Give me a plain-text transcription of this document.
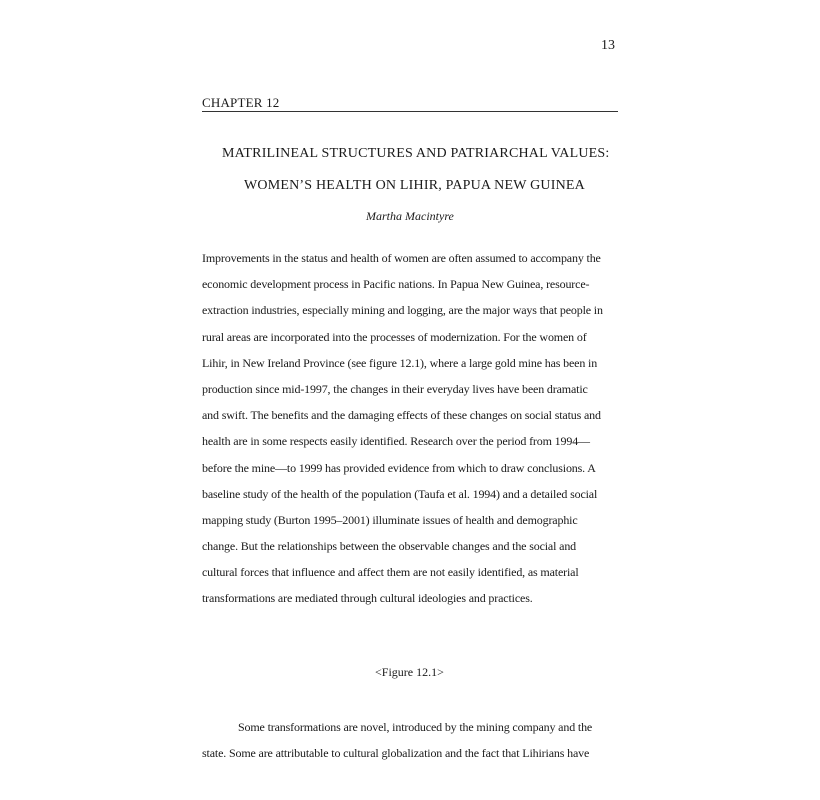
13
CHAPTER 12
MATRILINEAL STRUCTURES AND PATRIARCHAL VALUES:
WOMEN’S HEALTH ON LIHIR, PAPUA NEW GUINEA
Martha Macintyre
Improvements in the status and health of women are often assumed to accompany the
economic development process in Pacific nations. In Papua New Guinea, resource-
extraction industries, especially mining and logging, are the major ways that people in
rural areas are incorporated into the processes of modernization. For the women of
Lihir, in New Ireland Province (see figure 12.1), where a large gold mine has been in
production since mid-1997, the changes in their everyday lives have been dramatic
and swift. The benefits and the damaging effects of these changes on social status and
health are in some respects easily identified. Research over the period from 1994—
before the mine—to 1999 has provided evidence from which to draw conclusions. A
baseline study of the health of the population (Taufa et al. 1994) and a detailed social
mapping study (Burton 1995–2001) illuminate issues of health and demographic
change. But the relationships between the observable changes and the social and
cultural forces that influence and affect them are not easily identified, as material
transformations are mediated through cultural ideologies and practices.
<Figure 12.1>
Some transformations are novel, introduced by the mining company and the
state. Some are attributable to cultural globalization and the fact that Lihirians have
